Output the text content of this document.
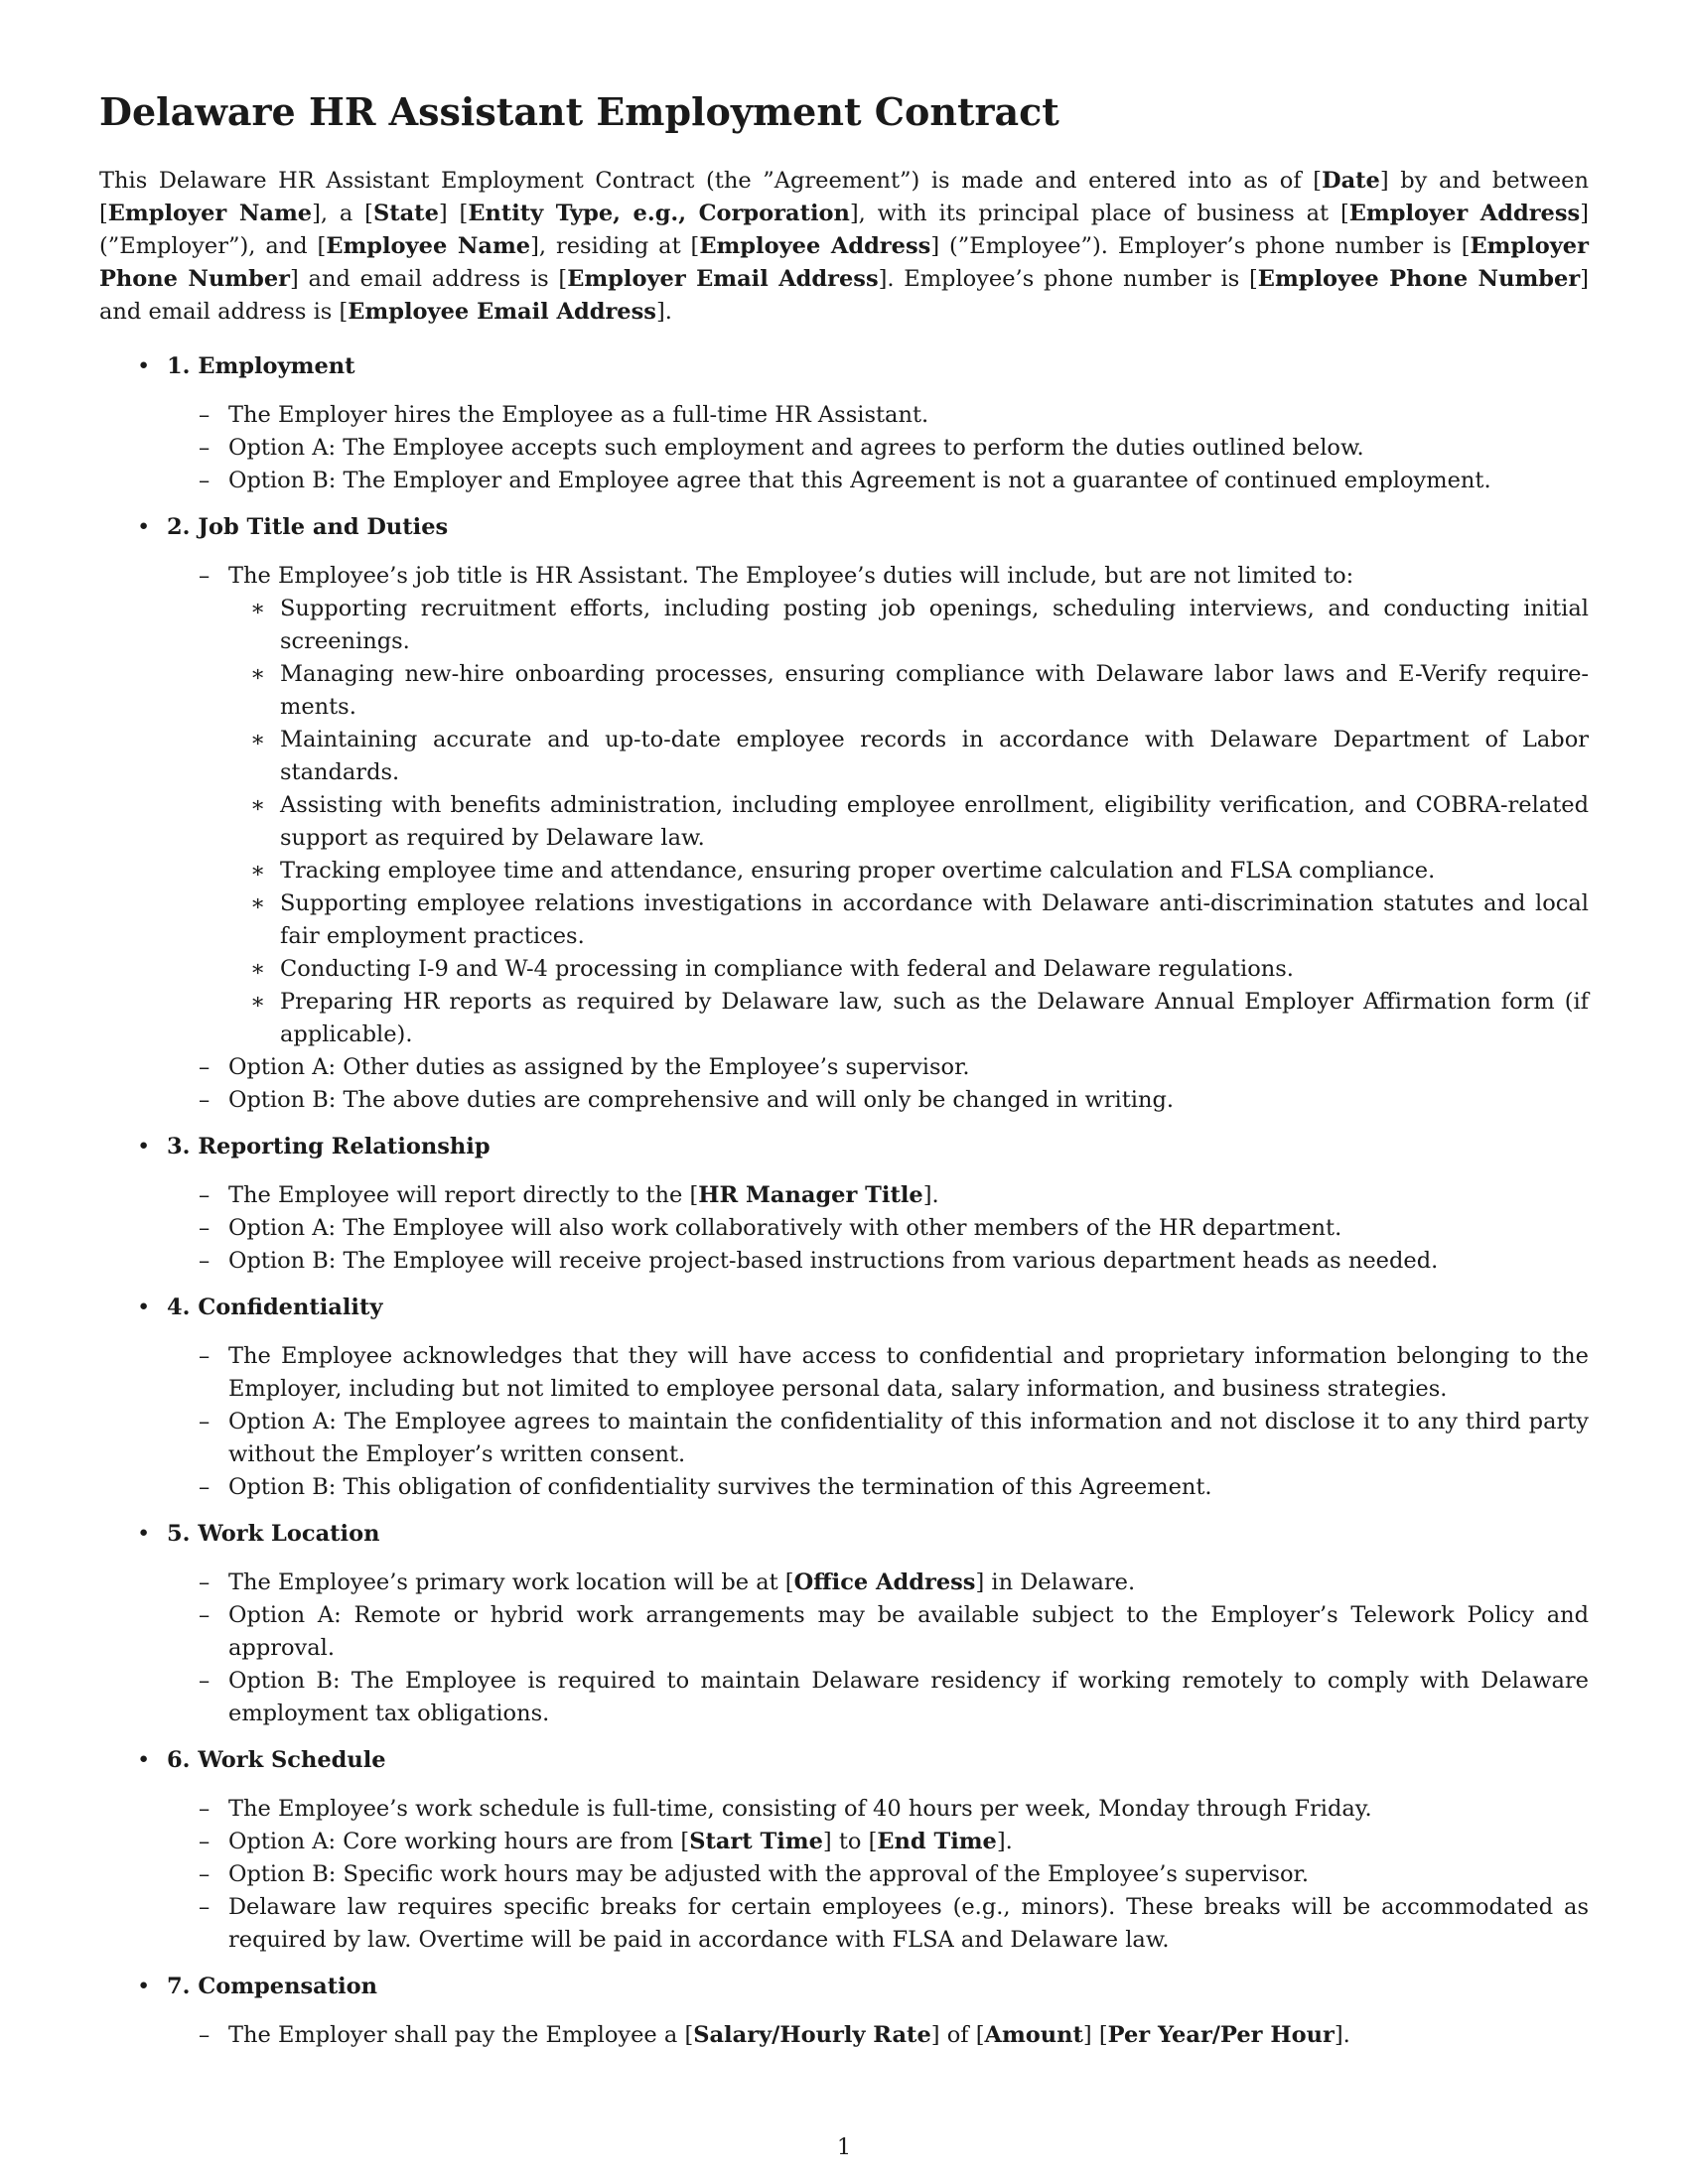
Delaware HR Assistant Employment Contract

This Delaware HR Assistant Employment Contract (the ”Agreement”) is made and entered into as of [Date] by and between [Employer Name], a [State] [Entity Type, e.g., Corporation], with its principal place of business at [Employer Address] (”Employer”), and [Employee Name], residing at [Employee Address] (”Employee”). Employer’s phone number is [Employer Phone Number] and email address is [Employer Email Address]. Employee’s phone number is [Employee Phone Number] and email address is [Employee Email Address].

• 1. Employment
– The Employer hires the Employee as a full-time HR Assistant.
– Option A: The Employee accepts such employment and agrees to perform the duties outlined below.
– Option B: The Employer and Employee agree that this Agreement is not a guarantee of continued employment.
• 2. Job Title and Duties
– The Employee’s job title is HR Assistant. The Employee’s duties will include, but are not limited to:
∗ Supporting recruitment efforts, including posting job openings, scheduling interviews, and conducting initial screenings.
∗ Managing new-hire onboarding processes, ensuring compliance with Delaware labor laws and E-Verify requirements.
∗ Maintaining accurate and up-to-date employee records in accordance with Delaware Department of Labor standards.
∗ Assisting with benefits administration, including employee enrollment, eligibility verification, and COBRA-related support as required by Delaware law.
∗ Tracking employee time and attendance, ensuring proper overtime calculation and FLSA compliance.
∗ Supporting employee relations investigations in accordance with Delaware anti-discrimination statutes and local fair employment practices.
∗ Conducting I-9 and W-4 processing in compliance with federal and Delaware regulations.
∗ Preparing HR reports as required by Delaware law, such as the Delaware Annual Employer Affirmation form (if applicable).
– Option A: Other duties as assigned by the Employee’s supervisor.
– Option B: The above duties are comprehensive and will only be changed in writing.
• 3. Reporting Relationship
– The Employee will report directly to the [HR Manager Title].
– Option A: The Employee will also work collaboratively with other members of the HR department.
– Option B: The Employee will receive project-based instructions from various department heads as needed.
• 4. Confidentiality
– The Employee acknowledges that they will have access to confidential and proprietary information belonging to the Employer, including but not limited to employee personal data, salary information, and business strategies.
– Option A: The Employee agrees to maintain the confidentiality of this information and not disclose it to any third party without the Employer’s written consent.
– Option B: This obligation of confidentiality survives the termination of this Agreement.
• 5. Work Location
– The Employee’s primary work location will be at [Office Address] in Delaware.
– Option A: Remote or hybrid work arrangements may be available subject to the Employer’s Telework Policy and approval.
– Option B: The Employee is required to maintain Delaware residency if working remotely to comply with Delaware employment tax obligations.
• 6. Work Schedule
– The Employee’s work schedule is full-time, consisting of 40 hours per week, Monday through Friday.
– Option A: Core working hours are from [Start Time] to [End Time].
– Option B: Specific work hours may be adjusted with the approval of the Employee’s supervisor.
– Delaware law requires specific breaks for certain employees (e.g., minors). These breaks will be accommodated as required by law. Overtime will be paid in accordance with FLSA and Delaware law.
• 7. Compensation
– The Employer shall pay the Employee a [Salary/Hourly Rate] of [Amount] [Per Year/Per Hour].
1
